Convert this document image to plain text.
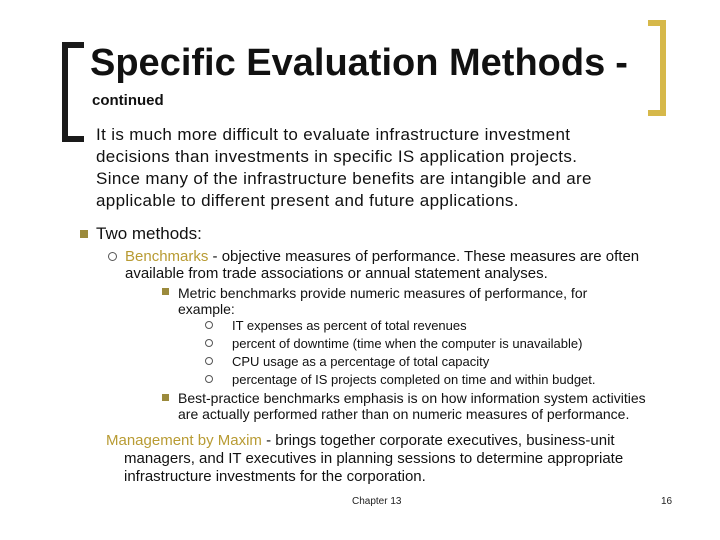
Specific Evaluation Methods -
continued
It is much more difficult to evaluate infrastructure investment
decisions than investments in specific IS application projects.
Since many of the infrastructure benefits are intangible and are
applicable to different present and future applications.
Two methods:
Benchmarks - objective measures of performance. These measures are often
available from trade associations or annual statement analyses.
Metric benchmarks provide numeric measures of performance, for
example:
IT expenses as percent of total revenues
percent of downtime (time when the computer is unavailable)
CPU usage as a percentage of total capacity
percentage of IS projects completed on time and within budget.
Best-practice benchmarks emphasis is on how information system activities
are actually performed rather than on numeric measures of performance.
Management by Maxim - brings together corporate executives, business-unit
managers, and IT executives in planning sessions to determine appropriate
infrastructure investments for the corporation.
Chapter 13	16
